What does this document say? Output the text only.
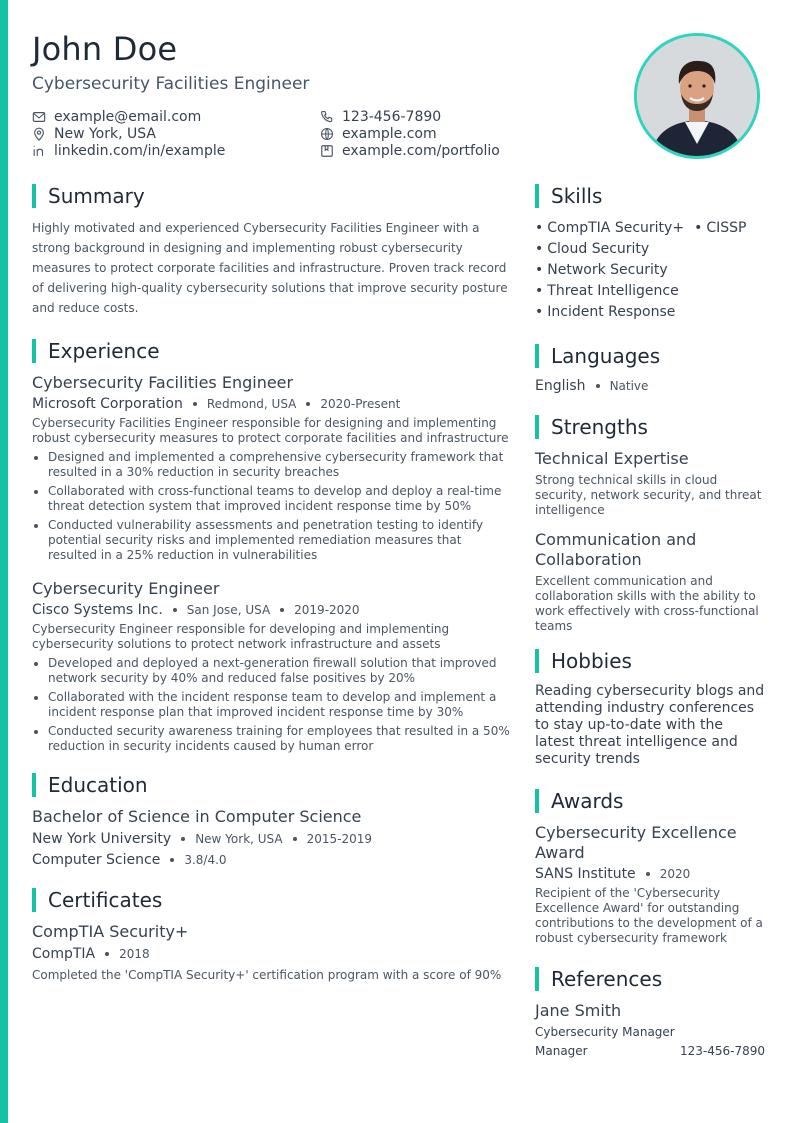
John Doe
Cybersecurity Facilities Engineer
example@email.com	123-456-7890
New York, USA	example.com
linkedin.com/in/example	example.com/portfolio
Summary

Highly motivated and experienced Cybersecurity Facilities Engineer with a strong background in designing and implementing robust cybersecurity measures to protect corporate facilities and infrastructure. Proven track record of delivering high-quality cybersecurity solutions that improve security posture and reduce costs.

Experience
Cybersecurity Facilities Engineer
Microsoft Corporation Redmond, USA 2020-Present
Cybersecurity Facilities Engineer responsible for designing and implementing robust cybersecurity measures to protect corporate facilities and infrastructure
Designed and implemented a comprehensive cybersecurity framework that resulted in a 30% reduction in security breaches
Collaborated with cross-functional teams to develop and deploy a real-time threat detection system that improved incident response time by 50%
Conducted vulnerability assessments and penetration testing to identify potential security risks and implemented remediation measures that resulted in a 25% reduction in vulnerabilities
Cybersecurity Engineer
Cisco Systems Inc. San Jose, USA 2019-2020
Cybersecurity Engineer responsible for developing and implementing cybersecurity solutions to protect network infrastructure and assets
Developed and deployed a next-generation firewall solution that improved network security by 40% and reduced false positives by 20%
Collaborated with the incident response team to develop and implement a incident response plan that improved incident response time by 30%
Conducted security awareness training for employees that resulted in a 50% reduction in security incidents caused by human error
Education
Bachelor of Science in Computer Science
New York University New York, USA 2015-2019
Computer Science 3.8/4.0
Certificates
CompTIA Security+
CompTIA 2018
Completed the 'CompTIA Security+' certification program with a score of 90%
Skills
• CompTIA Security+ • CISSP
• Cloud Security
• Network Security
• Threat Intelligence
• Incident Response
Languages
English Native
Strengths
Technical Expertise
Strong technical skills in cloud security, network security, and threat intelligence
Communication and Collaboration
Excellent communication and collaboration skills with the ability to work effectively with cross-functional teams
Hobbies
Reading cybersecurity blogs and attending industry conferences to stay up-to-date with the latest threat intelligence and security trends
Awards
Cybersecurity Excellence Award
SANS Institute 2020
Recipient of the 'Cybersecurity Excellence Award' for outstanding contributions to the development of a robust cybersecurity framework
References
Jane Smith
Cybersecurity Manager
Manager	123-456-7890
